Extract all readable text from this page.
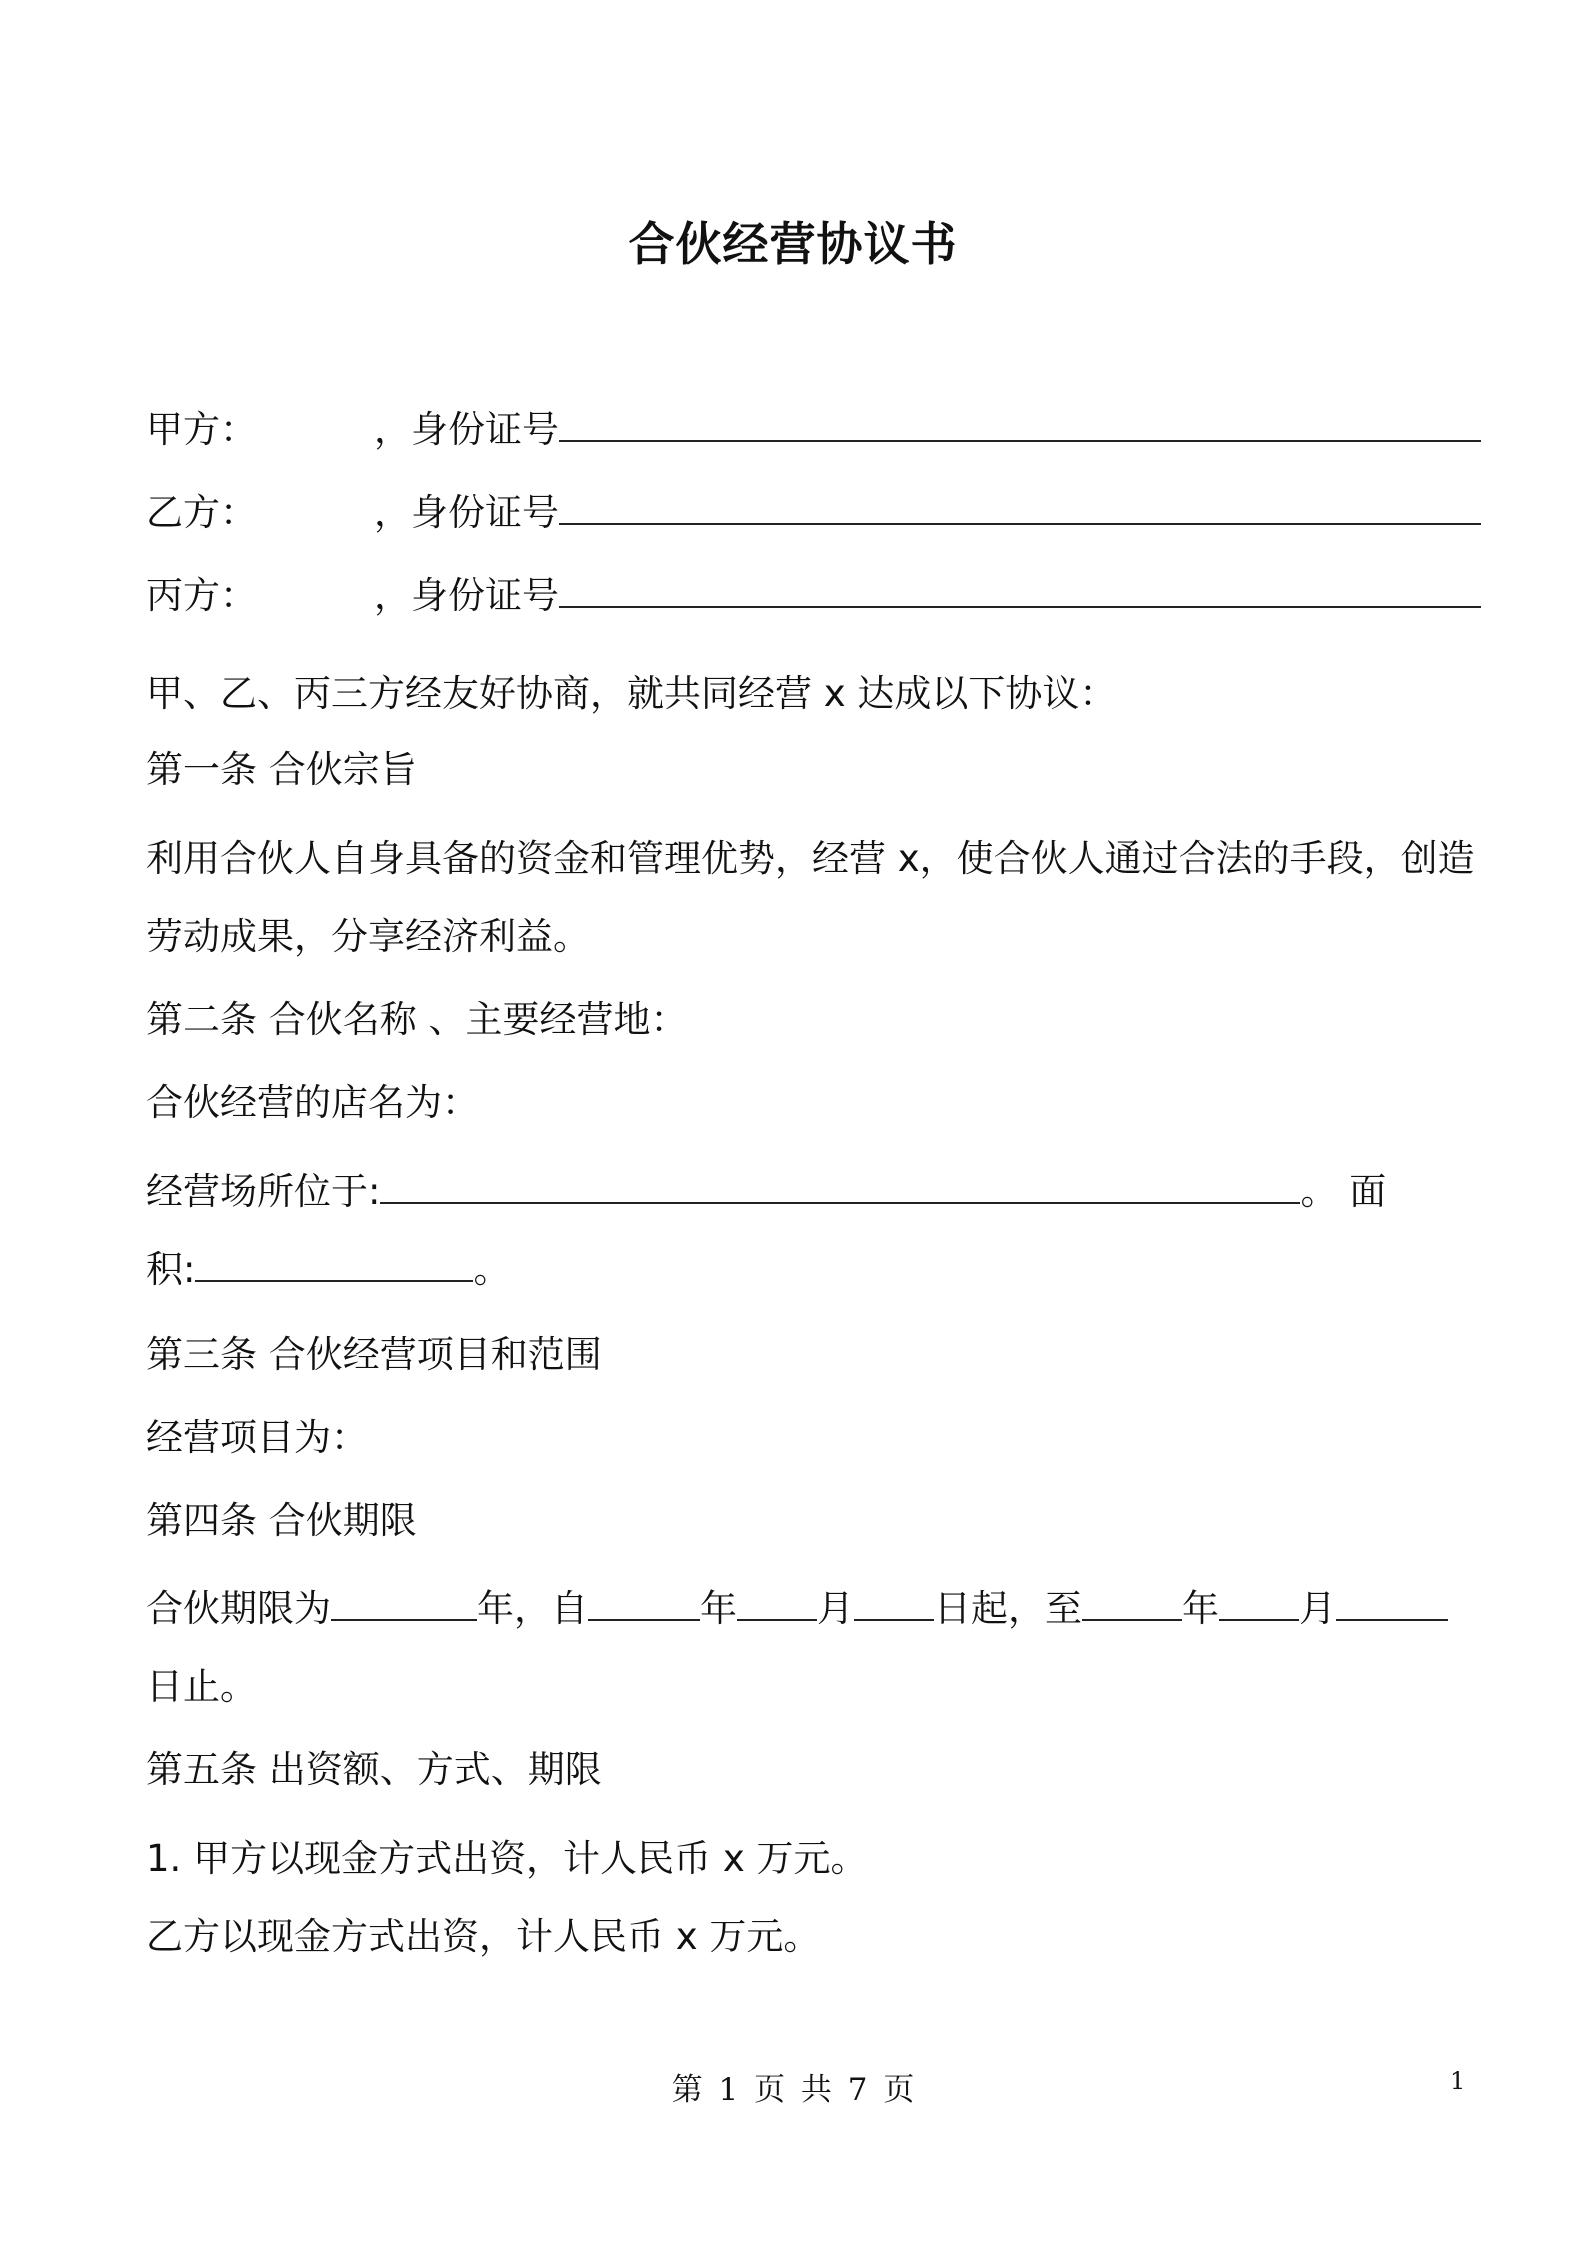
合伙经营协议书
甲方：	，身份证号
乙方：	，身份证号
丙方：	，身份证号
甲、乙、丙三方经友好协商，就共同经营 x 达成以下协议：
第一条 合伙宗旨
利用合伙人自身具备的资金和管理优势，经营 x，使合伙人通过合法的手段，创造
劳动成果，分享经济利益。
第二条 合伙名称 、主要经营地：
合伙经营的店名为：
经营场所位于:	。 面
积:	。
第三条 合伙经营项目和范围
经营项目为：
第四条 合伙期限
合伙期限为	年，自	年 月 日起，至	年 月
日止。
第五条 出资额、方式、期限
1. 甲方以现金方式出资，计人民币 x 万元。
乙方以现金方式出资，计人民币 x 万元。
第 1 页 共 7 页	1
